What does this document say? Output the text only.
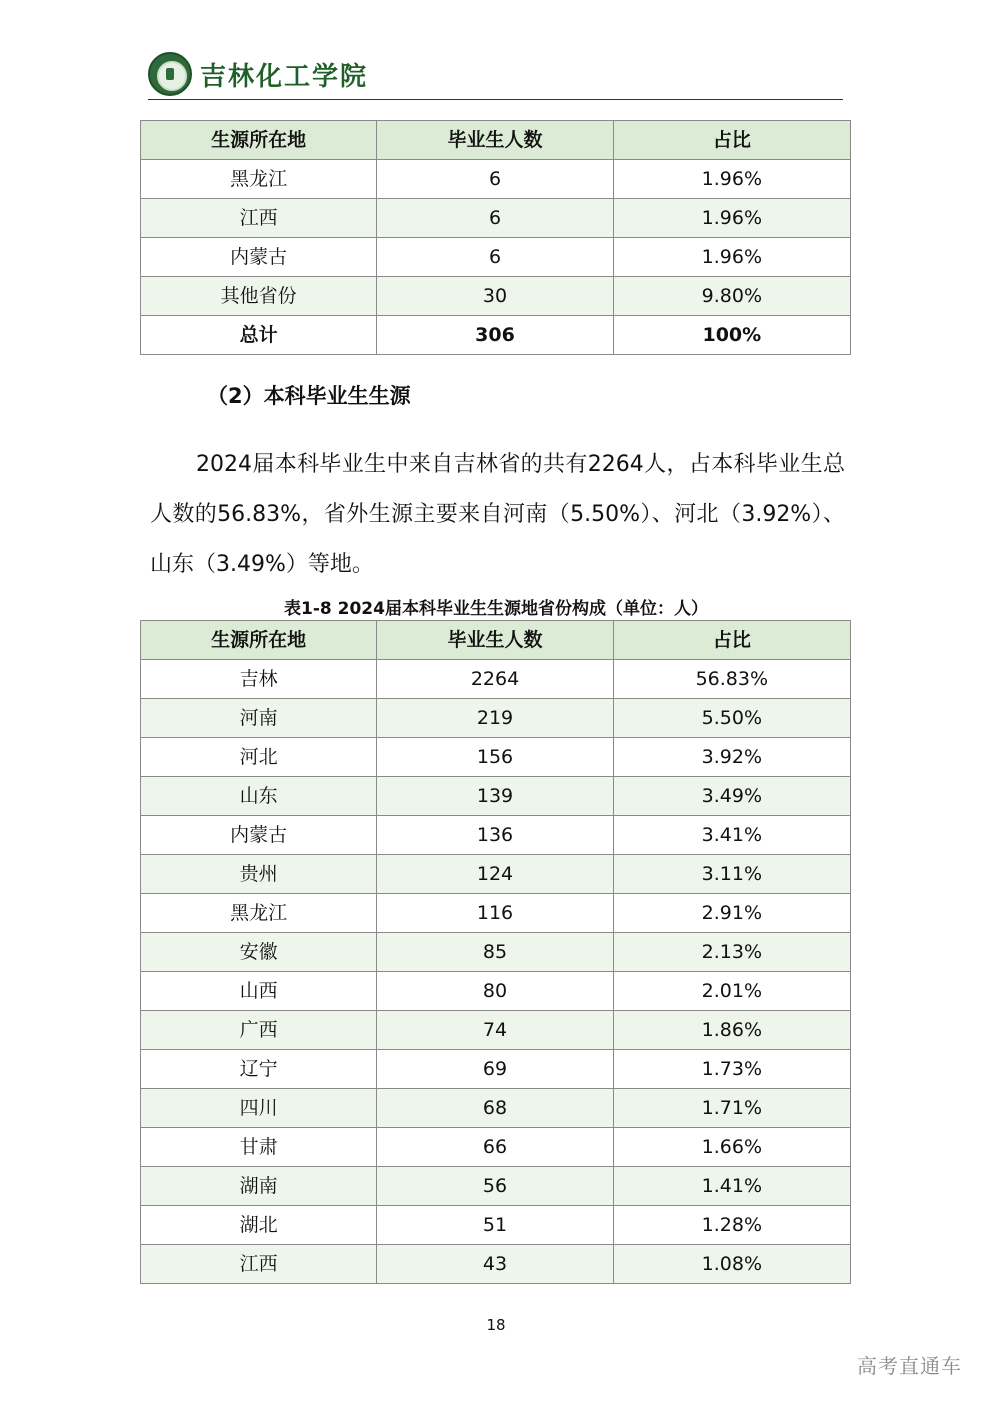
吉林化工学院
生源所在地	毕业生人数	占比
黑龙江	6	1.96%
江西	6	1.96%
内蒙古	6	1.96%
其他省份	30	9.80%
总计	306	100%
（2）本科毕业生生源
2024届本科毕业生中来自吉林省的共有2264人，占本科毕业生总人数的56.83%，省外生源主要来自河南（5.50%）、河北（3.92%）、山东（3.49%）等地。
表1-8 2024届本科毕业生生源地省份构成（单位：人）
生源所在地	毕业生人数	占比
吉林	2264	56.83%
河南	219	5.50%
河北	156	3.92%
山东	139	3.49%
内蒙古	136	3.41%
贵州	124	3.11%
黑龙江	116	2.91%
安徽	85	2.13%
山西	80	2.01%
广西	74	1.86%
辽宁	69	1.73%
四川	68	1.71%
甘肃	66	1.66%
湖南	56	1.41%
湖北	51	1.28%
江西	43	1.08%
18
高考直通车
